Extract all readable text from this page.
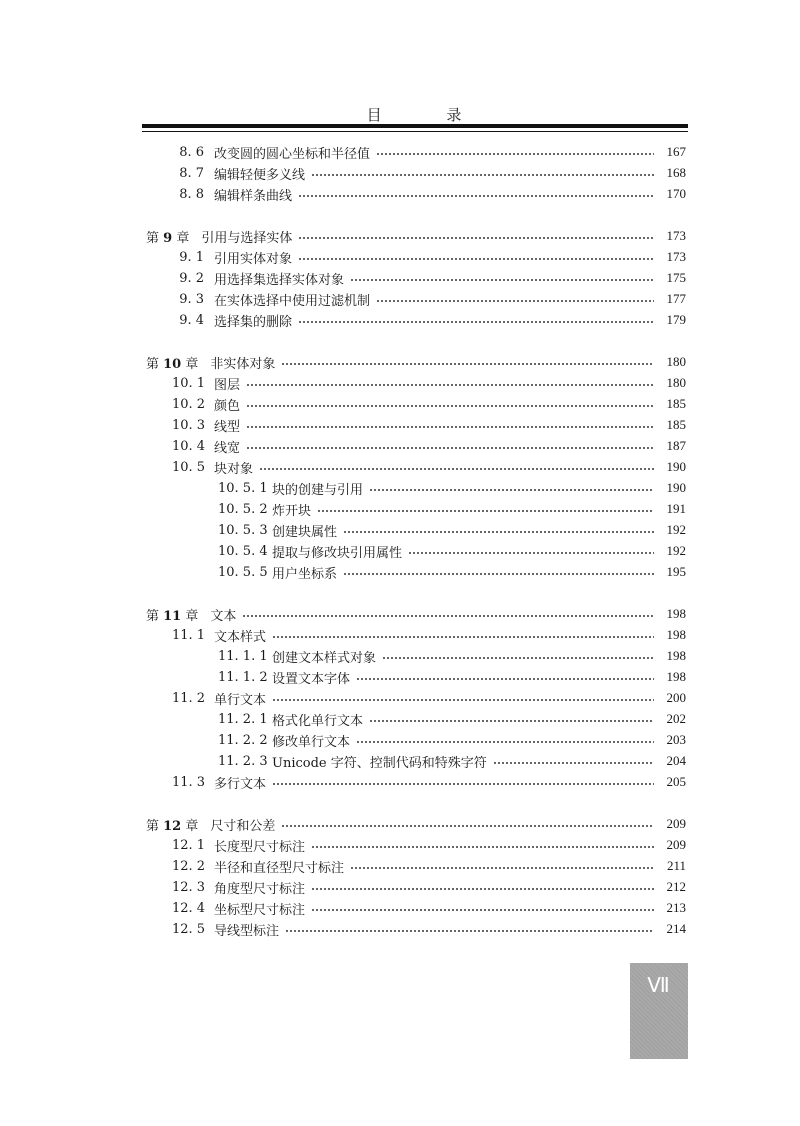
目 录
8. 6 改变圆的圆心坐标和半径值	167
8. 7 编辑轻便多义线	168
8. 8 编辑样条曲线	170
第 9 章 引用与选择实体	173
9. 1 引用实体对象	173
9. 2 用选择集选择实体对象	175
9. 3 在实体选择中使用过滤机制	177
9. 4 选择集的删除	179
第 10 章 非实体对象	180
10. 1 图层	180
10. 2 颜色	185
10. 3 线型	185
10. 4 线宽	187
10. 5 块对象	190
10. 5. 1 块的创建与引用	190
10. 5. 2 炸开块	191
10. 5. 3 创建块属性	192
10. 5. 4 提取与修改块引用属性	192
10. 5. 5 用户坐标系	195
第 11 章 文本	198
11. 1 文本样式	198
11. 1. 1 创建文本样式对象	198
11. 1. 2 设置文本字体	198
11. 2 单行文本	200
11. 2. 1 格式化单行文本	202
11. 2. 2 修改单行文本	203
11. 2. 3 Unicode 字符、控制代码和特殊字符	204
11. 3 多行文本	205
第 12 章 尺寸和公差	209
12. 1 长度型尺寸标注	209
12. 2 半径和直径型尺寸标注	211
12. 3 角度型尺寸标注	212
12. 4 坐标型尺寸标注	213
12. 5 导线型标注	214
Ⅶ
